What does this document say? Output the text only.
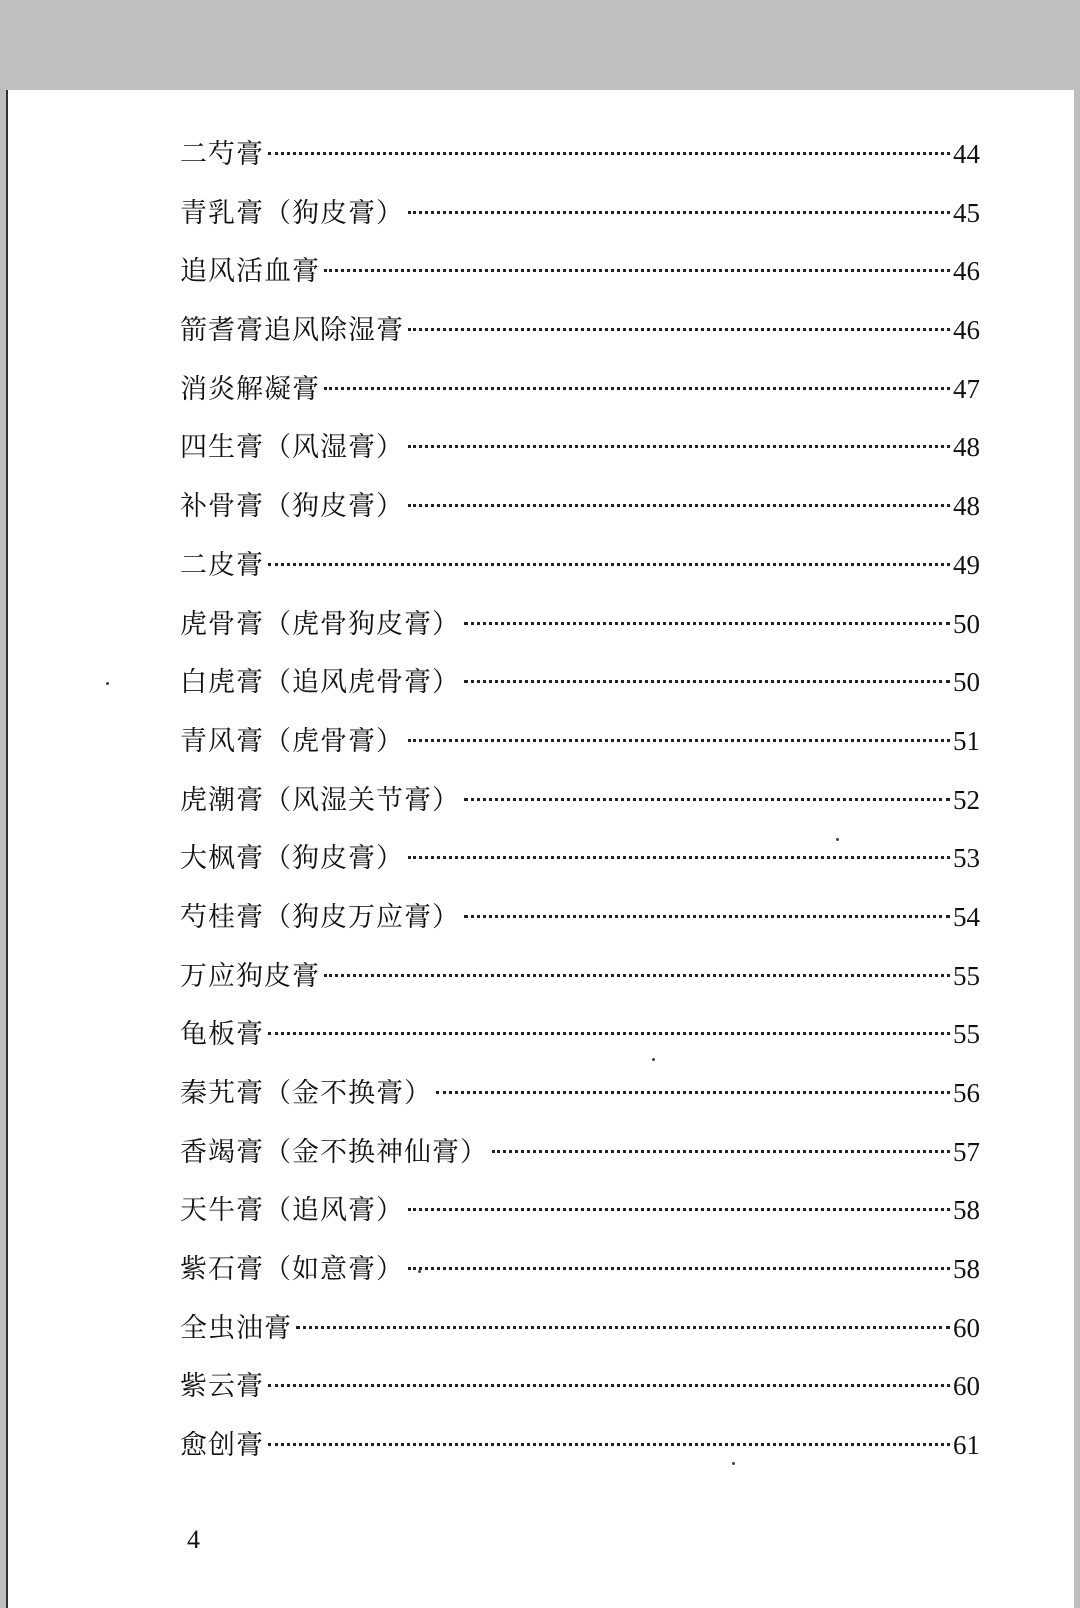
二芍膏	44
青乳膏（狗皮膏）	45
追风活血膏	46
箭耆膏追风除湿膏	46
消炎解凝膏	47
四生膏（风湿膏）	48
补骨膏（狗皮膏）	48
二皮膏	49
虎骨膏（虎骨狗皮膏）	50
白虎膏（追风虎骨膏）	50
青风膏（虎骨膏）	51
虎潮膏（风湿关节膏）	52
大枫膏（狗皮膏）	53
芍桂膏（狗皮万应膏）	54
万应狗皮膏	55
龟板膏	55
秦艽膏（金不换膏）	56
香竭膏（金不换神仙膏）	57
天牛膏（追风膏）	58
紫石膏（如意膏）	58
全虫油膏	60
紫云膏	60
愈创膏	61
4
